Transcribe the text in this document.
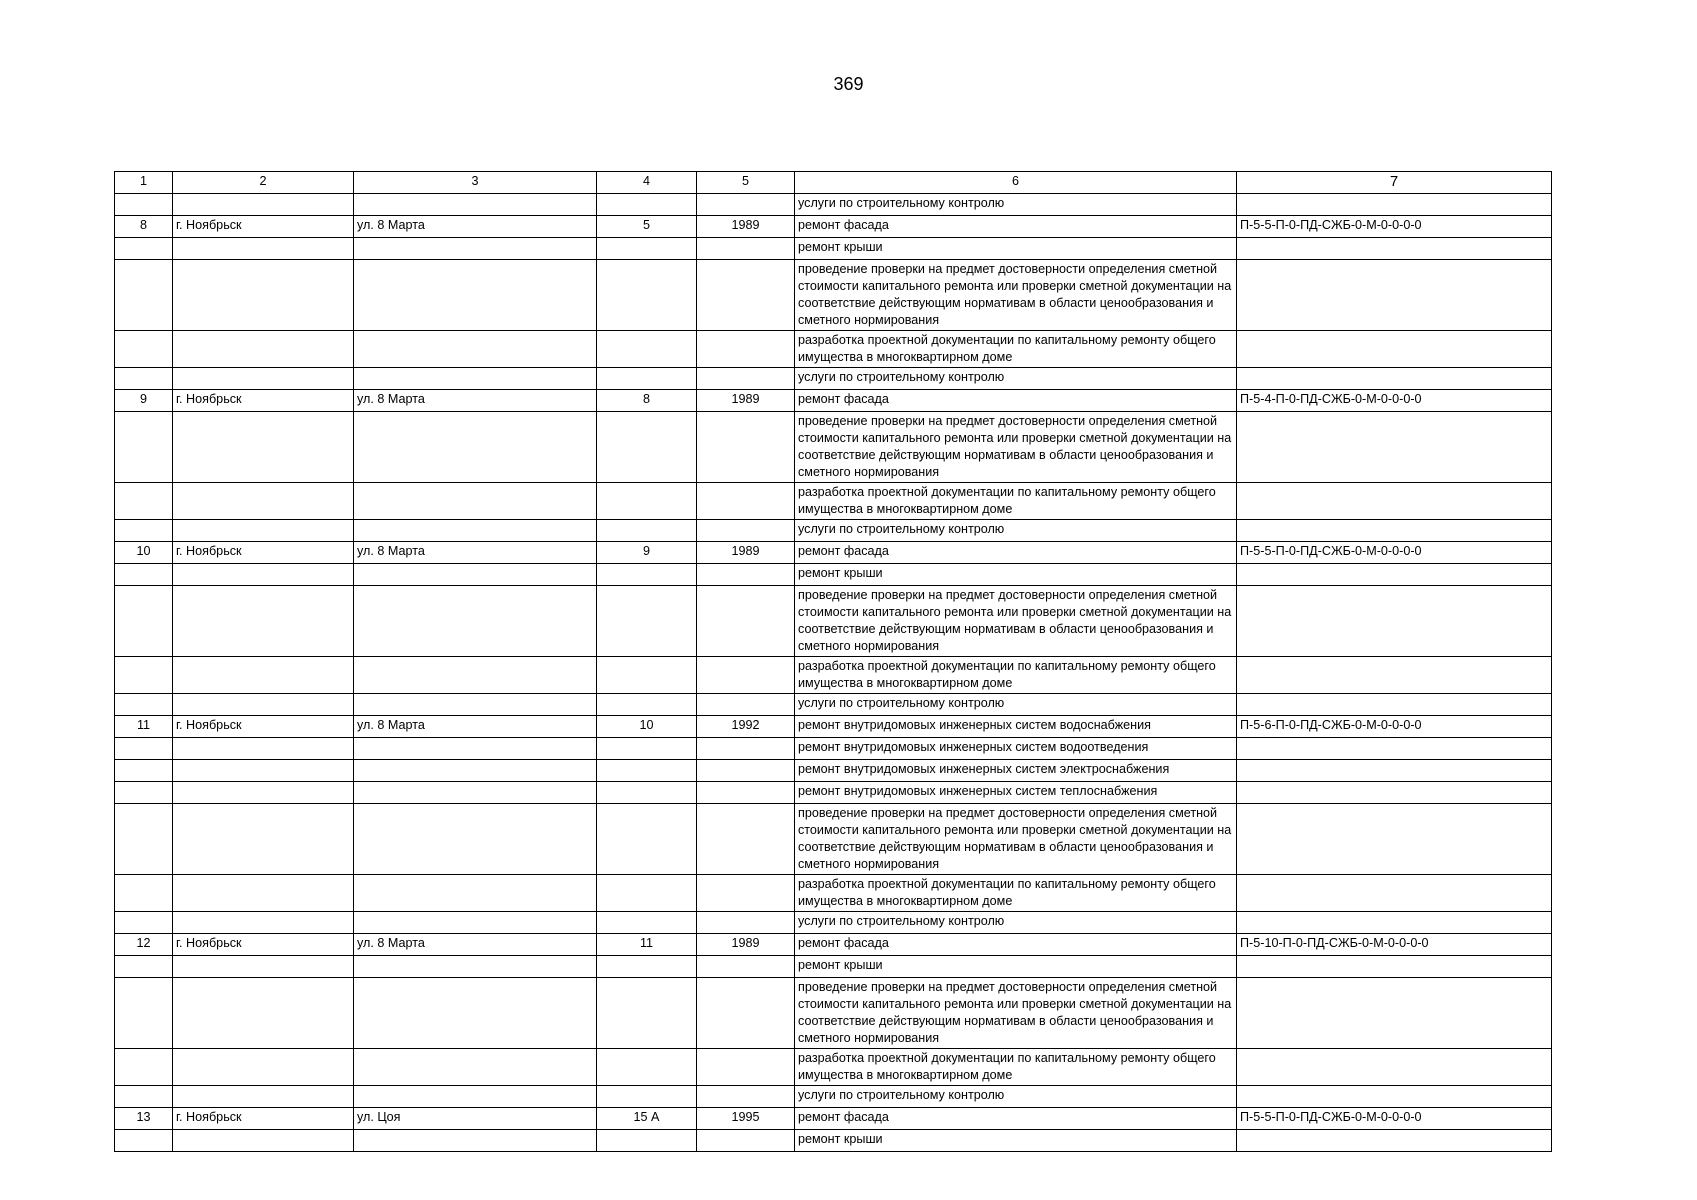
369
1	2	3	4	5	6	7
					услуги по строительному контролю	
8	г. Ноябрьск	ул. 8 Марта	5	1989	ремонт фасада	П-5-5-П-0-ПД-СЖБ-0-М-0-0-0-0
					ремонт крыши	
					проведение проверки на предмет достоверности определения сметной стоимости капитального ремонта или проверки сметной документации на соответствие действующим нормативам в области ценообразования и сметного нормирования	
					разработка проектной документации по капитальному ремонту общего имущества в многоквартирном доме	
					услуги по строительному контролю	
9	г. Ноябрьск	ул. 8 Марта	8	1989	ремонт фасада	П-5-4-П-0-ПД-СЖБ-0-М-0-0-0-0
					проведение проверки на предмет достоверности определения сметной стоимости капитального ремонта или проверки сметной документации на соответствие действующим нормативам в области ценообразования и сметного нормирования	
					разработка проектной документации по капитальному ремонту общего имущества в многоквартирном доме	
					услуги по строительному контролю	
10	г. Ноябрьск	ул. 8 Марта	9	1989	ремонт фасада	П-5-5-П-0-ПД-СЖБ-0-М-0-0-0-0
					ремонт крыши	
					проведение проверки на предмет достоверности определения сметной стоимости капитального ремонта или проверки сметной документации на соответствие действующим нормативам в области ценообразования и сметного нормирования	
					разработка проектной документации по капитальному ремонту общего имущества в многоквартирном доме	
					услуги по строительному контролю	
11	г. Ноябрьск	ул. 8 Марта	10	1992	ремонт внутридомовых инженерных систем водоснабжения	П-5-6-П-0-ПД-СЖБ-0-М-0-0-0-0
					ремонт внутридомовых инженерных систем водоотведения	
					ремонт внутридомовых инженерных систем электроснабжения	
					ремонт внутридомовых инженерных систем теплоснабжения	
					проведение проверки на предмет достоверности определения сметной стоимости капитального ремонта или проверки сметной документации на соответствие действующим нормативам в области ценообразования и сметного нормирования	
					разработка проектной документации по капитальному ремонту общего имущества в многоквартирном доме	
					услуги по строительному контролю	
12	г. Ноябрьск	ул. 8 Марта	11	1989	ремонт фасада	П-5-10-П-0-ПД-СЖБ-0-М-0-0-0-0
					ремонт крыши	
					проведение проверки на предмет достоверности определения сметной стоимости капитального ремонта или проверки сметной документации на соответствие действующим нормативам в области ценообразования и сметного нормирования	
					разработка проектной документации по капитальному ремонту общего имущества в многоквартирном доме	
					услуги по строительному контролю	
13	г. Ноябрьск	ул. Цоя	15 А	1995	ремонт фасада	П-5-5-П-0-ПД-СЖБ-0-М-0-0-0-0
					ремонт крыши	
